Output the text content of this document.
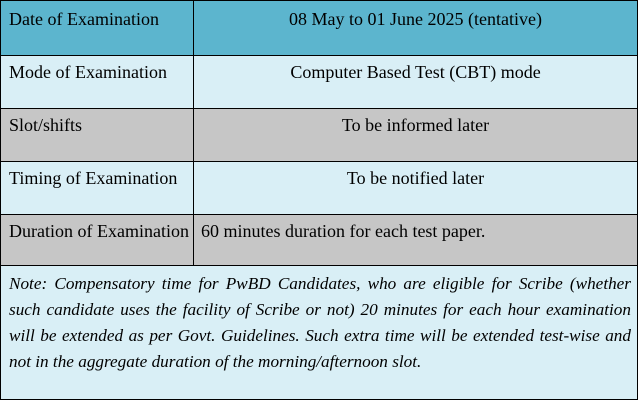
Date of Examination	08 May to 01 June 2025 (tentative)
Mode of Examination	Computer Based Test (CBT) mode
Slot/shifts	To be informed later
Timing of Examination	To be notified later
Duration of Examination 60 minutes duration for each test paper.
Note: Compensatory time for PwBD Candidates, who are eligible for Scribe (whether such candidate uses the facility of Scribe or not) 20 minutes for each hour examination will be extended as per Govt. Guidelines. Such extra time will be extended test-wise and not in the aggregate duration of the morning/afternoon slot.
